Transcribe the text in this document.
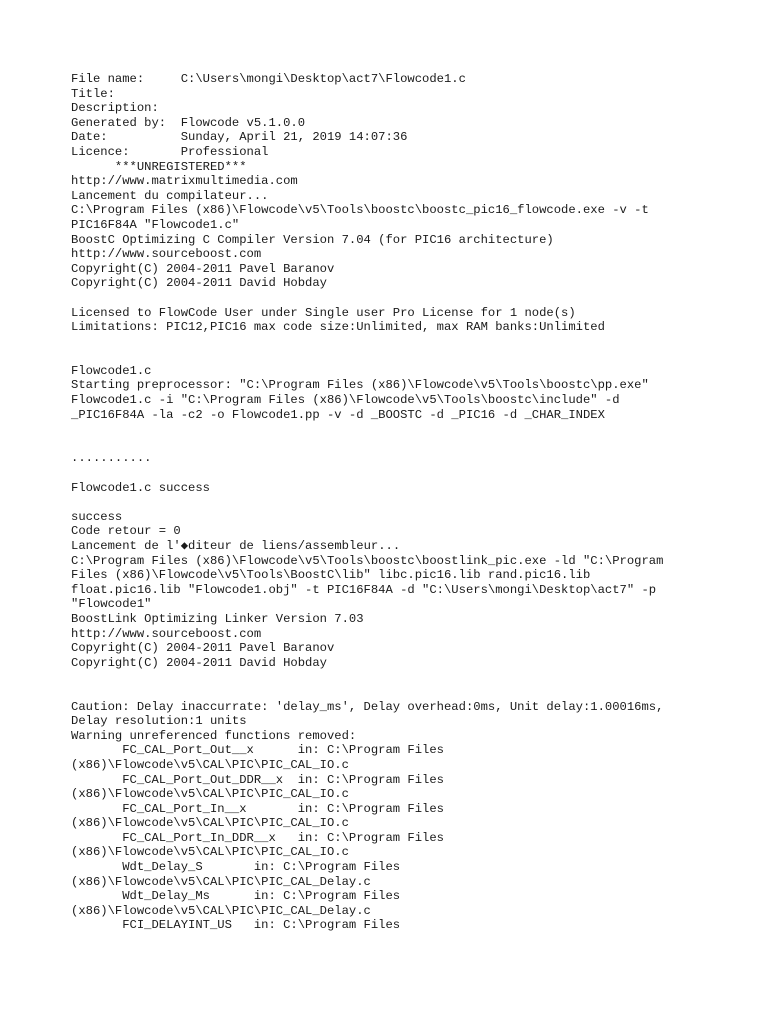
File name:     C:\Users\mongi\Desktop\act7\Flowcode1.c
Title:
Description:
Generated by:  Flowcode v5.1.0.0
Date:          Sunday, April 21, 2019 14:07:36
Licence:       Professional
***UNREGISTERED***
http://www.matrixmultimedia.com
Lancement du compilateur...
C:\Program Files (x86)\Flowcode\v5\Tools\boostc\boostc_pic16_flowcode.exe -v -t
PIC16F84A "Flowcode1.c"
BoostC Optimizing C Compiler Version 7.04 (for PIC16 architecture)
http://www.sourceboost.com
Copyright(C) 2004-2011 Pavel Baranov
Copyright(C) 2004-2011 David Hobday
Licensed to FlowCode User under Single user Pro License for 1 node(s)
Limitations: PIC12,PIC16 max code size:Unlimited, max RAM banks:Unlimited
Flowcode1.c
Starting preprocessor: "C:\Program Files (x86)\Flowcode\v5\Tools\boostc\pp.exe"
Flowcode1.c -i "C:\Program Files (x86)\Flowcode\v5\Tools\boostc\include" -d
_PIC16F84A -la -c2 -o Flowcode1.pp -v -d _BOOSTC -d _PIC16 -d _CHAR_INDEX
...........
Flowcode1.c success
success
Code retour = 0
Lancement de l'◆diteur de liens/assembleur...
C:\Program Files (x86)\Flowcode\v5\Tools\boostc\boostlink_pic.exe -ld "C:\Program
Files (x86)\Flowcode\v5\Tools\BoostC\lib" libc.pic16.lib rand.pic16.lib
float.pic16.lib "Flowcode1.obj" -t PIC16F84A -d "C:\Users\mongi\Desktop\act7" -p
"Flowcode1"
BoostLink Optimizing Linker Version 7.03
http://www.sourceboost.com
Copyright(C) 2004-2011 Pavel Baranov
Copyright(C) 2004-2011 David Hobday
Caution: Delay inaccurrate: 'delay_ms', Delay overhead:0ms, Unit delay:1.00016ms,
Delay resolution:1 units
Warning unreferenced functions removed:
FC_CAL_Port_Out__x      in: C:\Program Files
(x86)\Flowcode\v5\CAL\PIC\PIC_CAL_IO.c
FC_CAL_Port_Out_DDR__x  in: C:\Program Files
(x86)\Flowcode\v5\CAL\PIC\PIC_CAL_IO.c
FC_CAL_Port_In__x       in: C:\Program Files
(x86)\Flowcode\v5\CAL\PIC\PIC_CAL_IO.c
FC_CAL_Port_In_DDR__x   in: C:\Program Files
(x86)\Flowcode\v5\CAL\PIC\PIC_CAL_IO.c
Wdt_Delay_S       in: C:\Program Files
(x86)\Flowcode\v5\CAL\PIC\PIC_CAL_Delay.c
Wdt_Delay_Ms      in: C:\Program Files
(x86)\Flowcode\v5\CAL\PIC\PIC_CAL_Delay.c
FCI_DELAYINT_US   in: C:\Program Files
